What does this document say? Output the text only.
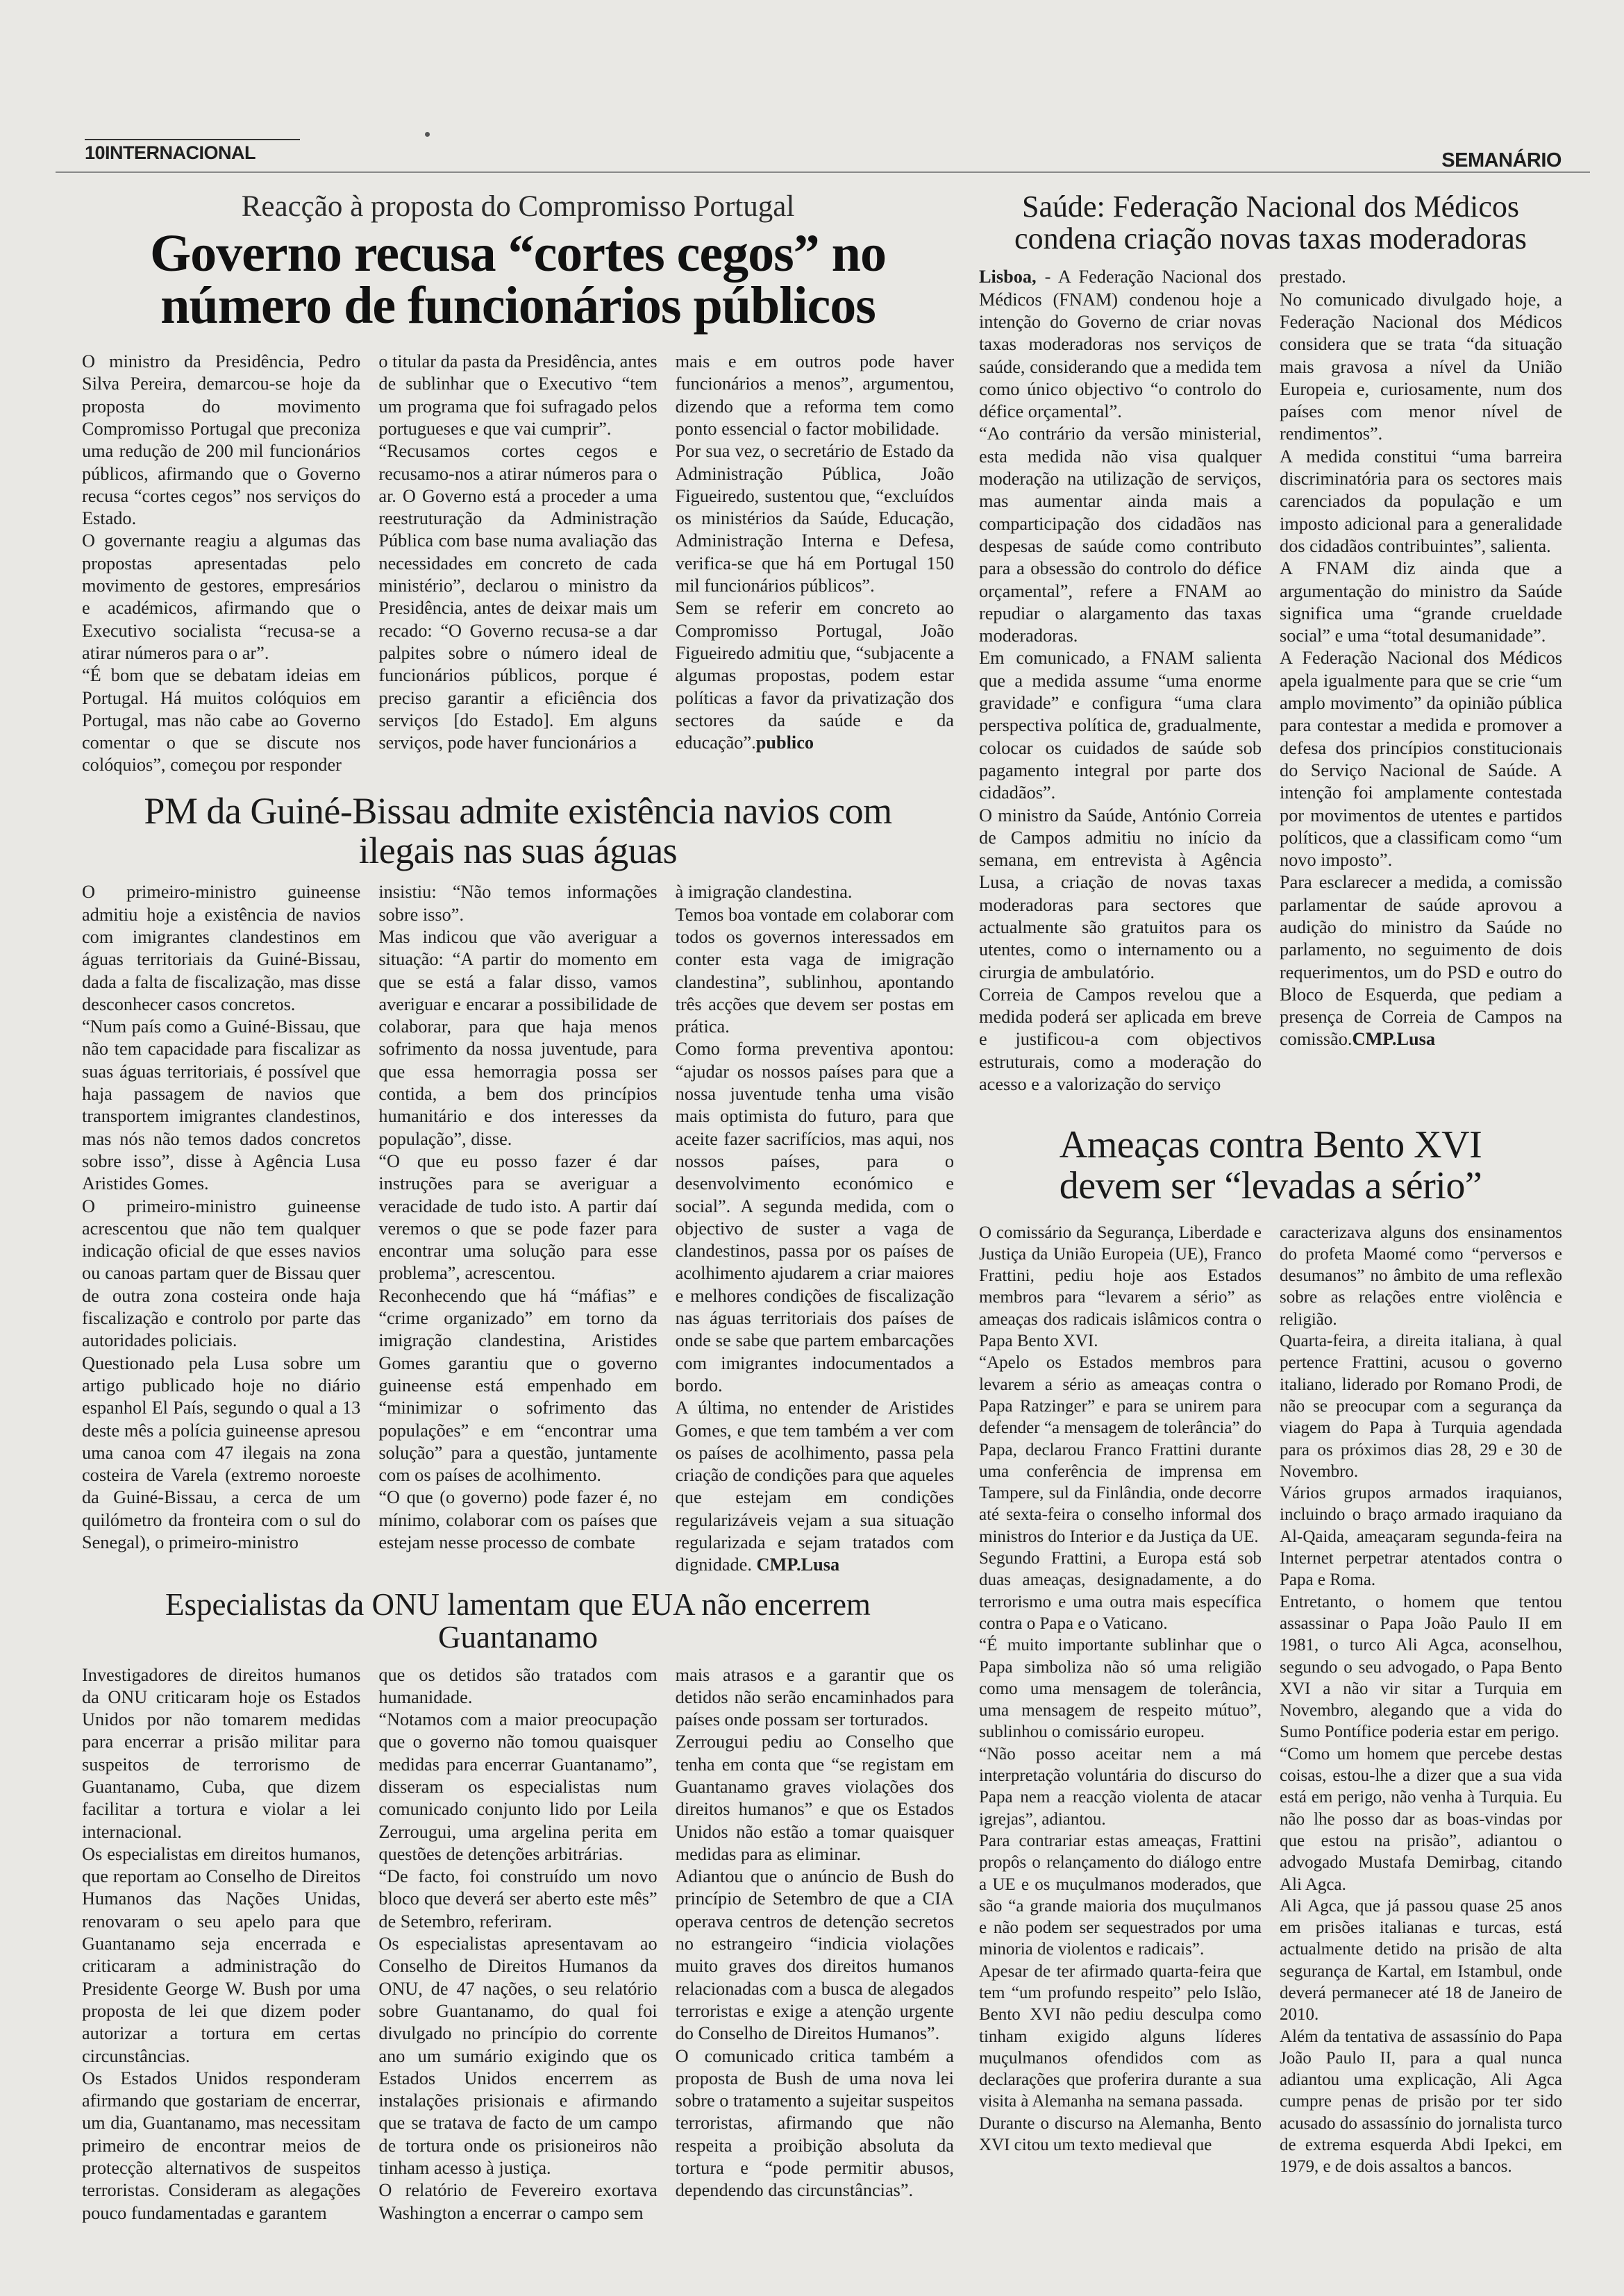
10INTERNACIONAL	SEMANÁRIO
Reacção à proposta do Compromisso Portugal
Governo recusa “cortes cegos” no número de funcionários públicos
O ministro da Presidência, Pedro Silva Pereira, demarcou-se hoje da proposta do movimento Compromisso Portugal que preconiza uma redução de 200 mil funcionários públicos, afirmando que o Governo recusa “cortes cegos” nos serviços do Estado.
O governante reagiu a algumas das propostas apresentadas pelo movimento de gestores, empresários e académicos, afirmando que o Executivo socialista “recusa-se a atirar números para o ar”.
“É bom que se debatam ideias em Portugal. Há muitos colóquios em Portugal, mas não cabe ao Governo comentar o que se discute nos colóquios”, começou por responder
o titular da pasta da Presidência, antes de sublinhar que o Executivo “tem um programa que foi sufragado pelos portugueses e que vai cumprir”.
“Recusamos cortes cegos e recusamo-nos a atirar números para o ar. O Governo está a proceder a uma reestruturação da Administração Pública com base numa avaliação das necessidades em concreto de cada ministério”, declarou o ministro da Presidência, antes de deixar mais um recado: “O Governo recusa-se a dar palpites sobre o número ideal de funcionários públicos, porque é preciso garantir a eficiência dos serviços [do Estado]. Em alguns serviços, pode haver funcionários a
mais e em outros pode haver funcionários a menos”, argumentou, dizendo que a reforma tem como ponto essencial o factor mobilidade.
Por sua vez, o secretário de Estado da Administração Pública, João Figueiredo, sustentou que, “excluídos os ministérios da Saúde, Educação, Administração Interna e Defesa, verifica-se que há em Portugal 150 mil funcionários públicos”.
Sem se referir em concreto ao Compromisso Portugal, João Figueiredo admitiu que, “subjacente a algumas propostas, podem estar políticas a favor da privatização dos sectores da saúde e da educação”.publico
PM da Guiné-Bissau admite existência navios com ilegais nas suas águas
O primeiro-ministro guineense admitiu hoje a existência de navios com imigrantes clandestinos em águas territoriais da Guiné-Bissau, dada a falta de fiscalização, mas disse desconhecer casos concretos.
“Num país como a Guiné-Bissau, que não tem capacidade para fiscalizar as suas águas territoriais, é possível que haja passagem de navios que transportem imigrantes clandestinos, mas nós não temos dados concretos sobre isso”, disse à Agência Lusa Aristides Gomes.
O primeiro-ministro guineense acrescentou que não tem qualquer indicação oficial de que esses navios ou canoas partam quer de Bissau quer de outra zona costeira onde haja fiscalização e controlo por parte das autoridades policiais.
Questionado pela Lusa sobre um artigo publicado hoje no diário espanhol El País, segundo o qual a 13 deste mês a polícia guineense apresou uma canoa com 47 ilegais na zona costeira de Varela (extremo noroeste da Guiné-Bissau, a cerca de um quilómetro da fronteira com o sul do Senegal), o primeiro-ministro
insistiu: “Não temos informações sobre isso”.
Mas indicou que vão averiguar a situação: “A partir do momento em que se está a falar disso, vamos averiguar e encarar a possibilidade de colaborar, para que haja menos sofrimento da nossa juventude, para que essa hemorragia possa ser contida, a bem dos princípios humanitário e dos interesses da população”, disse.
“O que eu posso fazer é dar instruções para se averiguar a veracidade de tudo isto. A partir daí veremos o que se pode fazer para encontrar uma solução para esse problema”, acrescentou.
Reconhecendo que há “máfias” e “crime organizado” em torno da imigração clandestina, Aristides Gomes garantiu que o governo guineense está empenhado em “minimizar o sofrimento das populações” e em “encontrar uma solução” para a questão, juntamente com os países de acolhimento.
“O que (o governo) pode fazer é, no mínimo, colaborar com os países que estejam nesse processo de combate
à imigração clandestina.
Temos boa vontade em colaborar com todos os governos interessados em conter esta vaga de imigração clandestina”, sublinhou, apontando três acções que devem ser postas em prática.
Como forma preventiva apontou: “ajudar os nossos países para que a nossa juventude tenha uma visão mais optimista do futuro, para que aceite fazer sacrifícios, mas aqui, nos nossos países, para o desenvolvimento económico e social”. A segunda medida, com o objectivo de suster a vaga de clandestinos, passa por os países de acolhimento ajudarem a criar maiores e melhores condições de fiscalização nas águas territoriais dos países de onde se sabe que partem embarcações com imigrantes indocumentados a bordo.
A última, no entender de Aristides Gomes, e que tem também a ver com os países de acolhimento, passa pela criação de condições para que aqueles que estejam em condições regularizáveis vejam a sua situação regularizada e sejam tratados com dignidade. CMP.Lusa
Especialistas da ONU lamentam que EUA não encerrem Guantanamo
Investigadores de direitos humanos da ONU criticaram hoje os Estados Unidos por não tomarem medidas para encerrar a prisão militar para suspeitos de terrorismo de Guantanamo, Cuba, que dizem facilitar a tortura e violar a lei internacional.
Os especialistas em direitos humanos, que reportam ao Conselho de Direitos Humanos das Nações Unidas, renovaram o seu apelo para que Guantanamo seja encerrada e criticaram a administração do Presidente George W. Bush por uma proposta de lei que dizem poder autorizar a tortura em certas circunstâncias.
Os Estados Unidos responderam afirmando que gostariam de encerrar, um dia, Guantanamo, mas necessitam primeiro de encontrar meios de protecção alternativos de suspeitos terroristas. Consideram as alegações pouco fundamentadas e garantem
que os detidos são tratados com humanidade.
“Notamos com a maior preocupação que o governo não tomou quaisquer medidas para encerrar Guantanamo”, disseram os especialistas num comunicado conjunto lido por Leila Zerrougui, uma argelina perita em questões de detenções arbitrárias.
“De facto, foi construído um novo bloco que deverá ser aberto este mês” de Setembro, referiram.
Os especialistas apresentavam ao Conselho de Direitos Humanos da ONU, de 47 nações, o seu relatório sobre Guantanamo, do qual foi divulgado no princípio do corrente ano um sumário exigindo que os Estados Unidos encerrem as instalações prisionais e afirmando que se tratava de facto de um campo de tortura onde os prisioneiros não tinham acesso à justiça.
O relatório de Fevereiro exortava Washington a encerrar o campo sem
mais atrasos e a garantir que os detidos não serão encaminhados para países onde possam ser torturados.
Zerrougui pediu ao Conselho que tenha em conta que “se registam em Guantanamo graves violações dos direitos humanos” e que os Estados Unidos não estão a tomar quaisquer medidas para as eliminar.
Adiantou que o anúncio de Bush do princípio de Setembro de que a CIA operava centros de detenção secretos no estrangeiro “indicia violações muito graves dos direitos humanos relacionadas com a busca de alegados terroristas e exige a atenção urgente do Conselho de Direitos Humanos”.
O comunicado critica também a proposta de Bush de uma nova lei sobre o tratamento a sujeitar suspeitos terroristas, afirmando que não respeita a proibição absoluta da tortura e “pode permitir abusos, dependendo das circunstâncias”.
Saúde: Federação Nacional dos Médicos condena criação novas taxas moderadoras
Lisboa, - A Federação Nacional dos Médicos (FNAM) condenou hoje a intenção do Governo de criar novas taxas moderadoras nos serviços de saúde, considerando que a medida tem como único objectivo “o controlo do défice orçamental”.
“Ao contrário da versão ministerial, esta medida não visa qualquer moderação na utilização de serviços, mas aumentar ainda mais a comparticipação dos cidadãos nas despesas de saúde como contributo para a obsessão do controlo do défice orçamental”, refere a FNAM ao repudiar o alargamento das taxas moderadoras.
Em comunicado, a FNAM salienta que a medida assume “uma enorme gravidade” e configura “uma clara perspectiva política de, gradualmente, colocar os cuidados de saúde sob pagamento integral por parte dos cidadãos”.
O ministro da Saúde, António Correia de Campos admitiu no início da semana, em entrevista à Agência Lusa, a criação de novas taxas moderadoras para sectores que actualmente são gratuitos para os utentes, como o internamento ou a cirurgia de ambulatório.
Correia de Campos revelou que a medida poderá ser aplicada em breve e justificou-a com objectivos estruturais, como a moderação do acesso e a valorização do serviço
prestado.
No comunicado divulgado hoje, a Federação Nacional dos Médicos considera que se trata “da situação mais gravosa a nível da União Europeia e, curiosamente, num dos países com menor nível de rendimentos”.
A medida constitui “uma barreira discriminatória para os sectores mais carenciados da população e um imposto adicional para a generalidade dos cidadãos contribuintes”, salienta.
A FNAM diz ainda que a argumentação do ministro da Saúde significa uma “grande crueldade social” e uma “total desumanidade”.
A Federação Nacional dos Médicos apela igualmente para que se crie “um amplo movimento” da opinião pública para contestar a medida e promover a defesa dos princípios constitucionais do Serviço Nacional de Saúde. A intenção foi amplamente contestada por movimentos de utentes e partidos políticos, que a classificam como “um novo imposto”.
Para esclarecer a medida, a comissão parlamentar de saúde aprovou a audição do ministro da Saúde no parlamento, no seguimento de dois requerimentos, um do PSD e outro do Bloco de Esquerda, que pediam a presença de Correia de Campos na comissão.CMP.Lusa
Ameaças contra Bento XVI devem ser “levadas a sério”
O comissário da Segurança, Liberdade e Justiça da União Europeia (UE), Franco Frattini, pediu hoje aos Estados membros para “levarem a sério” as ameaças dos radicais islâmicos contra o Papa Bento XVI.
“Apelo os Estados membros para levarem a sério as ameaças contra o Papa Ratzinger” e para se unirem para defender “a mensagem de tolerância” do Papa, declarou Franco Frattini durante uma conferência de imprensa em Tampere, sul da Finlândia, onde decorre até sexta-feira o conselho informal dos ministros do Interior e da Justiça da UE.
Segundo Frattini, a Europa está sob duas ameaças, designadamente, a do terrorismo e uma outra mais específica contra o Papa e o Vaticano.
“É muito importante sublinhar que o Papa simboliza não só uma religião como uma mensagem de tolerância, uma mensagem de respeito mútuo”, sublinhou o comissário europeu.
“Não posso aceitar nem a má interpretação voluntária do discurso do Papa nem a reacção violenta de atacar igrejas”, adiantou.
Para contrariar estas ameaças, Frattini propôs o relançamento do diálogo entre a UE e os muçulmanos moderados, que são “a grande maioria dos muçulmanos e não podem ser sequestrados por uma minoria de violentos e radicais”.
Apesar de ter afirmado quarta-feira que tem “um profundo respeito” pelo Islão, Bento XVI não pediu desculpa como tinham exigido alguns líderes muçulmanos ofendidos com as declarações que proferira durante a sua visita à Alemanha na semana passada.
Durante o discurso na Alemanha, Bento XVI citou um texto medieval que
caracterizava alguns dos ensinamentos do profeta Maomé como “perversos e desumanos” no âmbito de uma reflexão sobre as relações entre violência e religião.
Quarta-feira, a direita italiana, à qual pertence Frattini, acusou o governo italiano, liderado por Romano Prodi, de não se preocupar com a segurança da viagem do Papa à Turquia agendada para os próximos dias 28, 29 e 30 de Novembro.
Vários grupos armados iraquianos, incluindo o braço armado iraquiano da Al-Qaida, ameaçaram segunda-feira na Internet perpetrar atentados contra o Papa e Roma.
Entretanto, o homem que tentou assassinar o Papa João Paulo II em 1981, o turco Ali Agca, aconselhou, segundo o seu advogado, o Papa Bento XVI a não vir sitar a Turquia em Novembro, alegando que a vida do Sumo Pontífice poderia estar em perigo.
“Como um homem que percebe destas coisas, estou-lhe a dizer que a sua vida está em perigo, não venha à Turquia. Eu não lhe posso dar as boas-vindas por que estou na prisão”, adiantou o advogado Mustafa Demirbag, citando Ali Agca.
Ali Agca, que já passou quase 25 anos em prisões italianas e turcas, está actualmente detido na prisão de alta segurança de Kartal, em Istambul, onde deverá permanecer até 18 de Janeiro de 2010.
Além da tentativa de assassínio do Papa João Paulo II, para a qual nunca adiantou uma explicação, Ali Agca cumpre penas de prisão por ter sido acusado do assassínio do jornalista turco de extrema esquerda Abdi Ipekci, em 1979, e de dois assaltos a bancos.
